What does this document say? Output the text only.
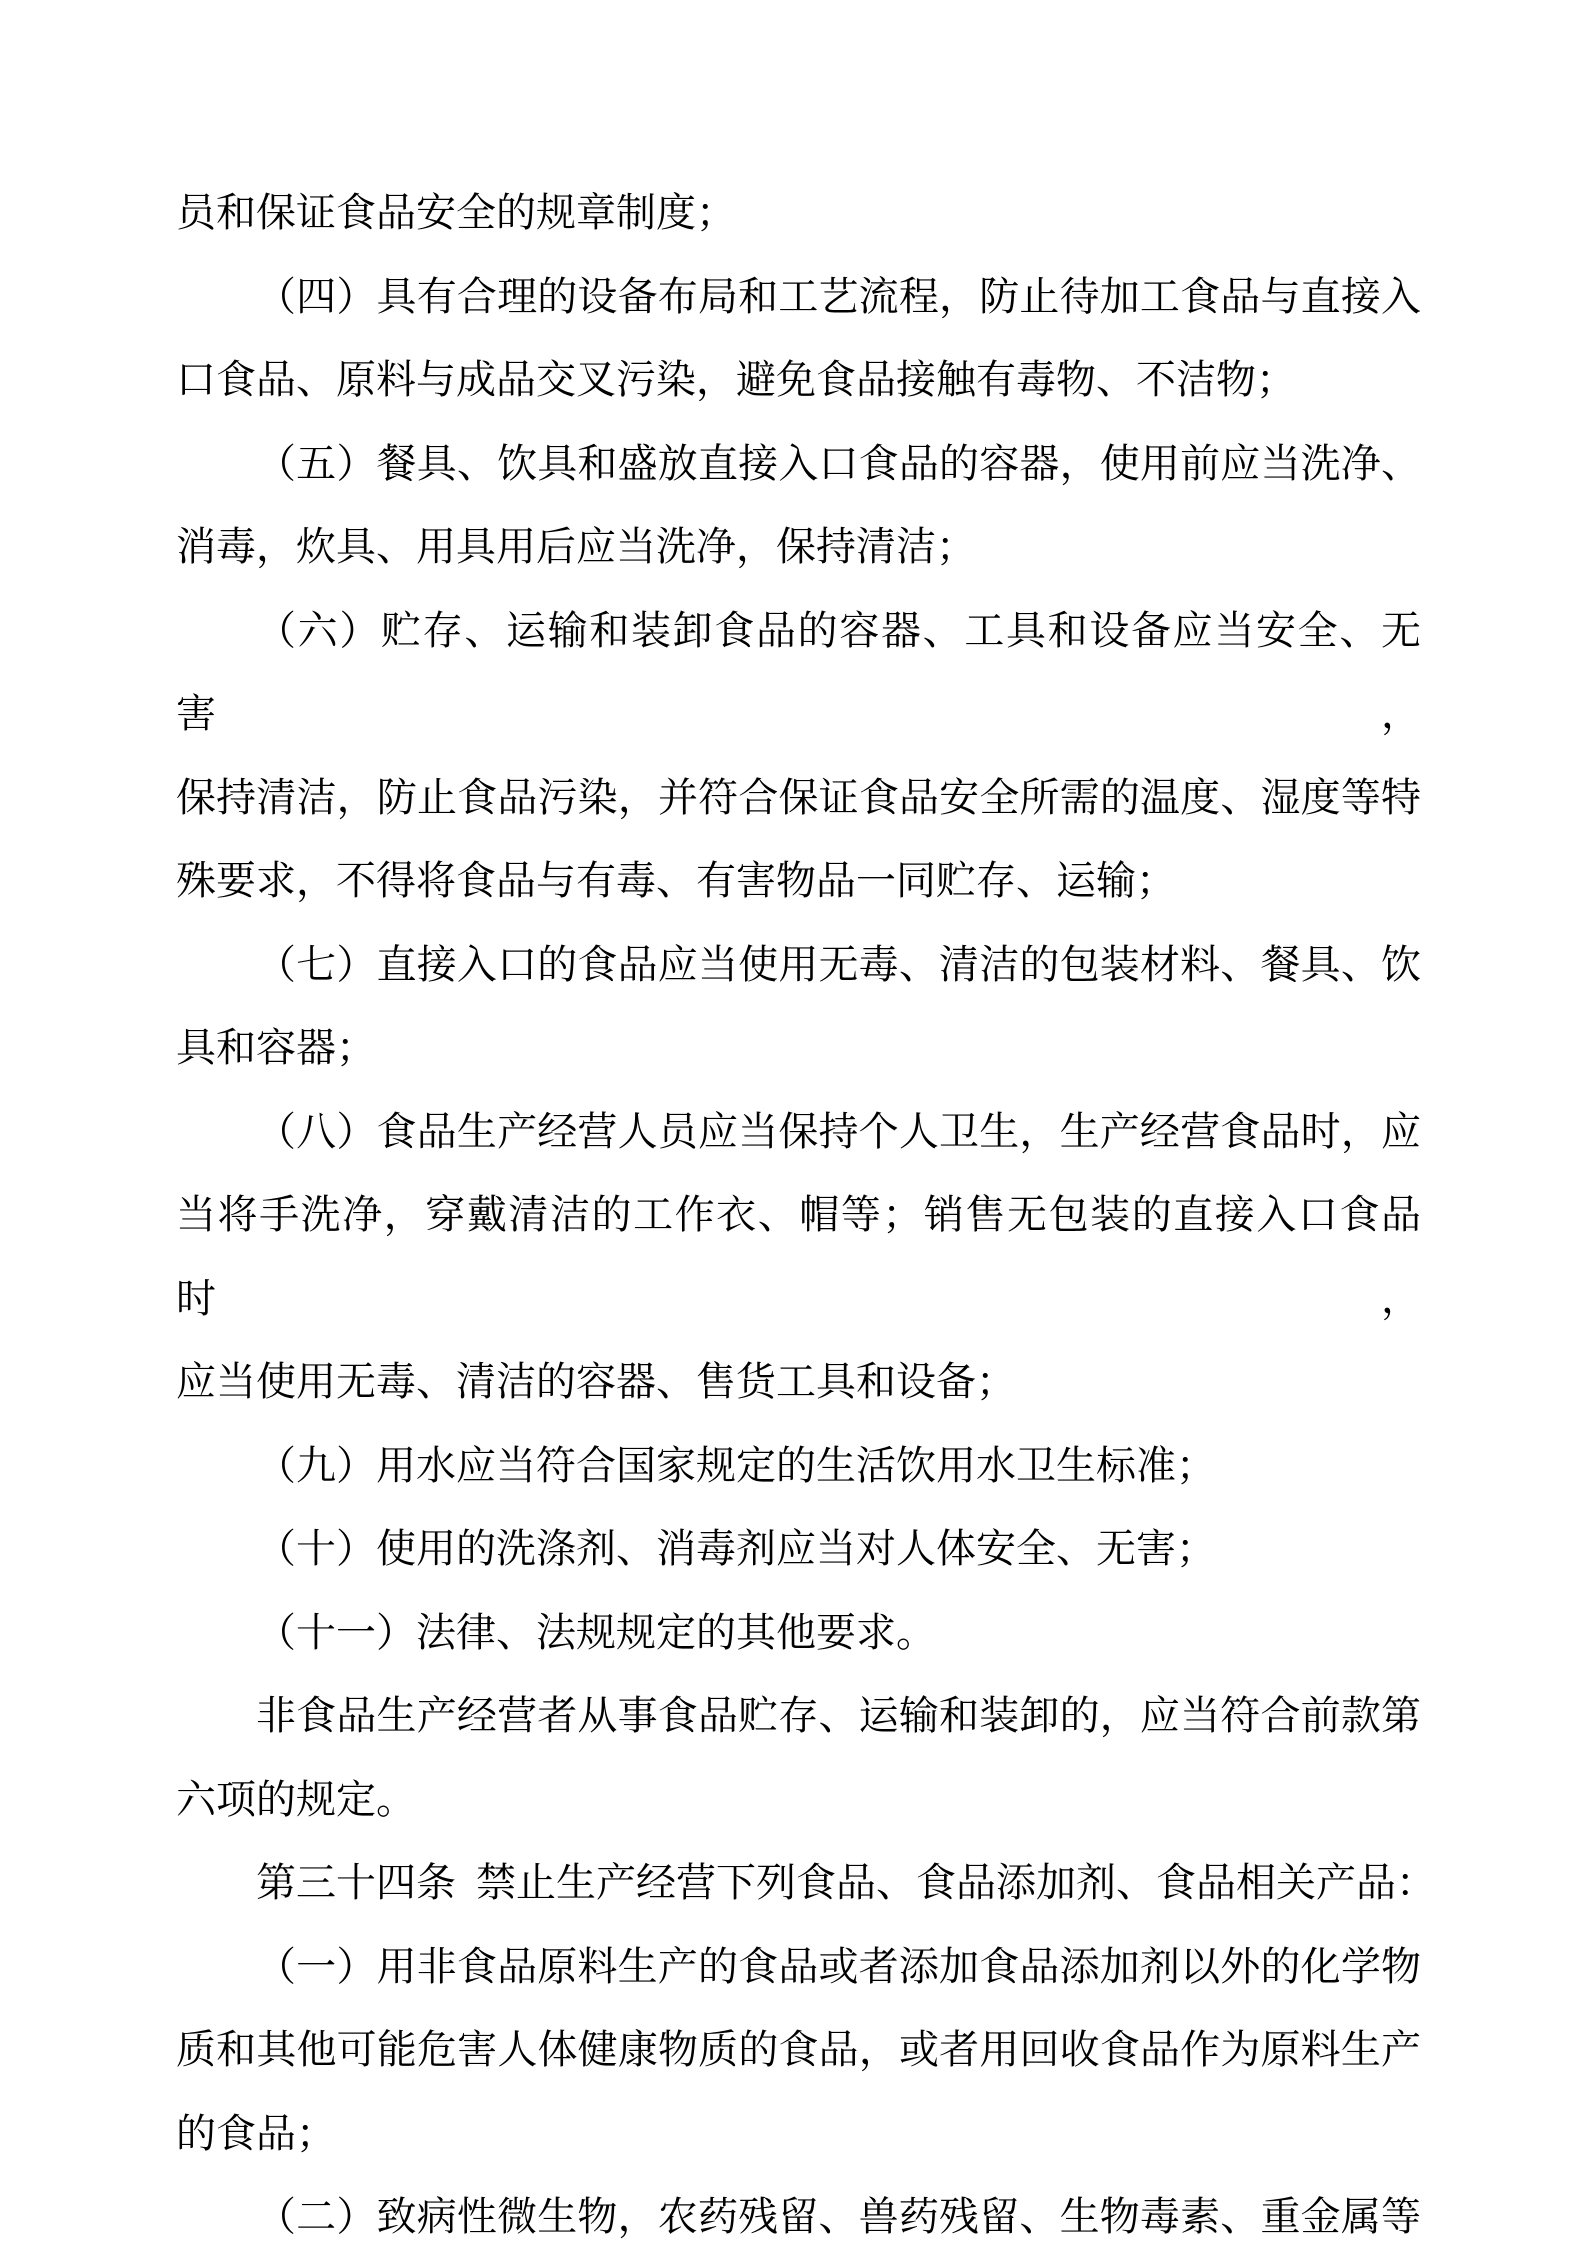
员和保证食品安全的规章制度；
（四）具有合理的设备布局和工艺流程，防止待加工食品与直接入
口食品、原料与成品交叉污染，避免食品接触有毒物、不洁物；
（五）餐具、饮具和盛放直接入口食品的容器，使用前应当洗净、
消毒，炊具、用具用后应当洗净，保持清洁；
（六）贮存、运输和装卸食品的容器、工具和设备应当安全、无害，
保持清洁，防止食品污染，并符合保证食品安全所需的温度、湿度等特
殊要求，不得将食品与有毒、有害物品一同贮存、运输；
（七）直接入口的食品应当使用无毒、清洁的包装材料、餐具、饮
具和容器；
（八）食品生产经营人员应当保持个人卫生，生产经营食品时，应
当将手洗净，穿戴清洁的工作衣、帽等；销售无包装的直接入口食品时，
应当使用无毒、清洁的容器、售货工具和设备；
（九）用水应当符合国家规定的生活饮用水卫生标准；
（十）使用的洗涤剂、消毒剂应当对人体安全、无害；
（十一）法律、法规规定的其他要求。
非食品生产经营者从事食品贮存、运输和装卸的，应当符合前款第
六项的规定。
第三十四条 禁止生产经营下列食品、食品添加剂、食品相关产品：
（一）用非食品原料生产的食品或者添加食品添加剂以外的化学物
质和其他可能危害人体健康物质的食品，或者用回收食品作为原料生产
的食品；
（二）致病性微生物，农药残留、兽药残留、生物毒素、重金属等
